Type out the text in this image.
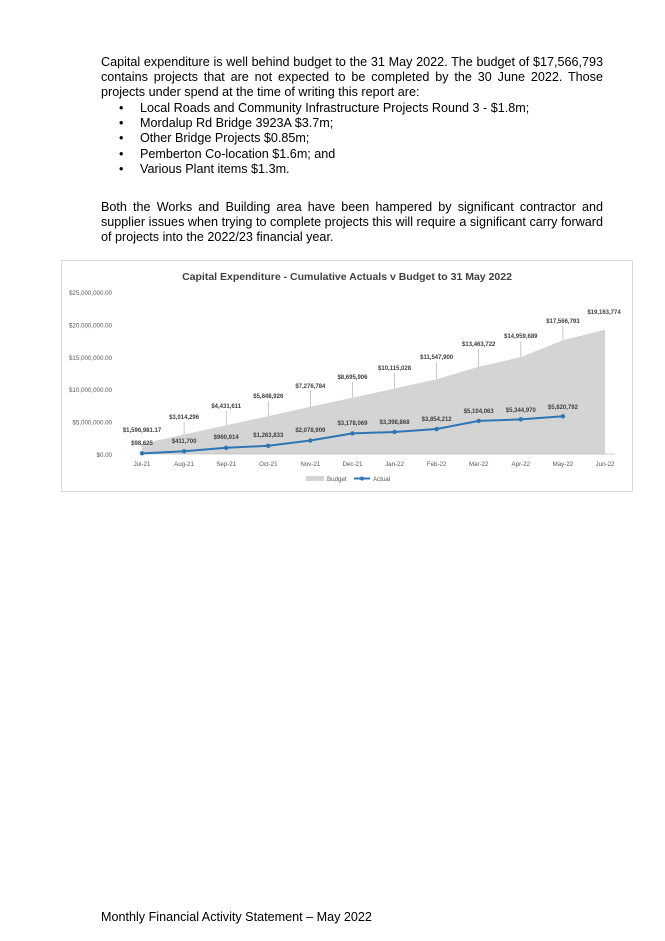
Capital expenditure is well behind budget to the 31 May 2022. The budget of $17,566,793 contains projects that are not expected to be completed by the 30 June 2022. Those projects under spend at the time of writing this report are:

• Local Roads and Community Infrastructure Projects Round 3 - $1.8m;
• Mordalup Rd Bridge 3923A $3.7m;
• Other Bridge Projects $0.85m;
• Pemberton Co-location $1.6m; and
• Various Plant items $1.3m.

Both the Works and Building area have been hampered by significant contractor and supplier issues when trying to complete projects this will require a significant carry forward of projects into the 2022/23 financial year.

Capital Expenditure - Cumulative Actuals v Budget to 31 May 2022
$0.00
$5,000,000.00
$10,000,000.00
$15,000,000.00
$20,000,000.00
$25,000,000.00
Jul-21	Aug-21	Sep-21	Oct-21	Nov-21	Dec-21	Jan-22	Feb-22	Mar-22	Apr-22	May-22	Jun-22
$1,596,981.17
$3,014,296
$4,431,611
$5,848,926
$7,276,784
$8,695,906
$10,115,028
$11,547,900
$13,463,722
$14,959,689
$17,566,793
$19,163,774
$98,625	$411,700
$960,914 $1,263,833
$2,078,909
$3,178,069 $3,398,868 $3,854,212
$5,104,063 $5,344,970 $5,820,792
Budget	Actual
Monthly Financial Activity Statement – May 2022
